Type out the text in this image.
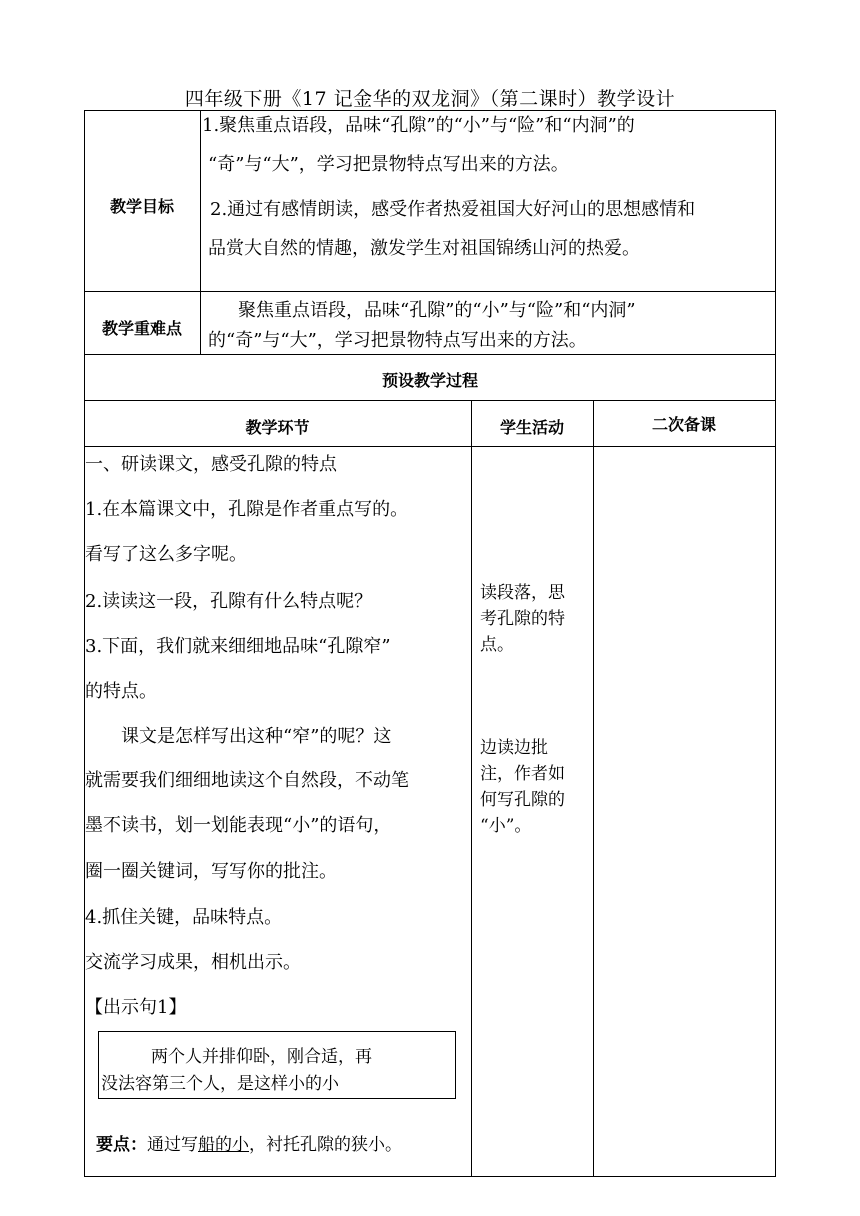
四年级下册《17 记金华的双龙洞》（第二课时）教学设计
教学目标
1.聚焦重点语段，品味“孔隙”的“小”与“险”和“内洞”的
“奇”与“大”，学习把景物特点写出来的方法。
2.通过有感情朗读，感受作者热爱祖国大好河山的思想感情和
品赏大自然的情趣，激发学生对祖国锦绣山河的热爱。
教学重难点
聚焦重点语段，品味“孔隙”的“小”与“险”和“内洞”
的“奇”与“大”，学习把景物特点写出来的方法。
预设教学过程
教学环节	学生活动	二次备课
一、研读课文，感受孔隙的特点
1.在本篇课文中，孔隙是作者重点写的。
看写了这么多字呢。
2.读读这一段，孔隙有什么特点呢？
3.下面，我们就来细细地品味“孔隙窄”
的特点。
课文是怎样写出这种“窄”的呢？这
就需要我们细细地读这个自然段，不动笔
墨不读书，划一划能表现“小”的语句，
圈一圈关键词，写写你的批注。
4.抓住关键，品味特点。
交流学习成果，相机出示。
【出示句1】
两个人并排仰卧，刚合适，再
没法容第三个人，是这样小的小
要点：通过写船的小，衬托孔隙的狭小。
读段落，思
考孔隙的特
点。
边读边批
注，作者如
何写孔隙的
“小”。
